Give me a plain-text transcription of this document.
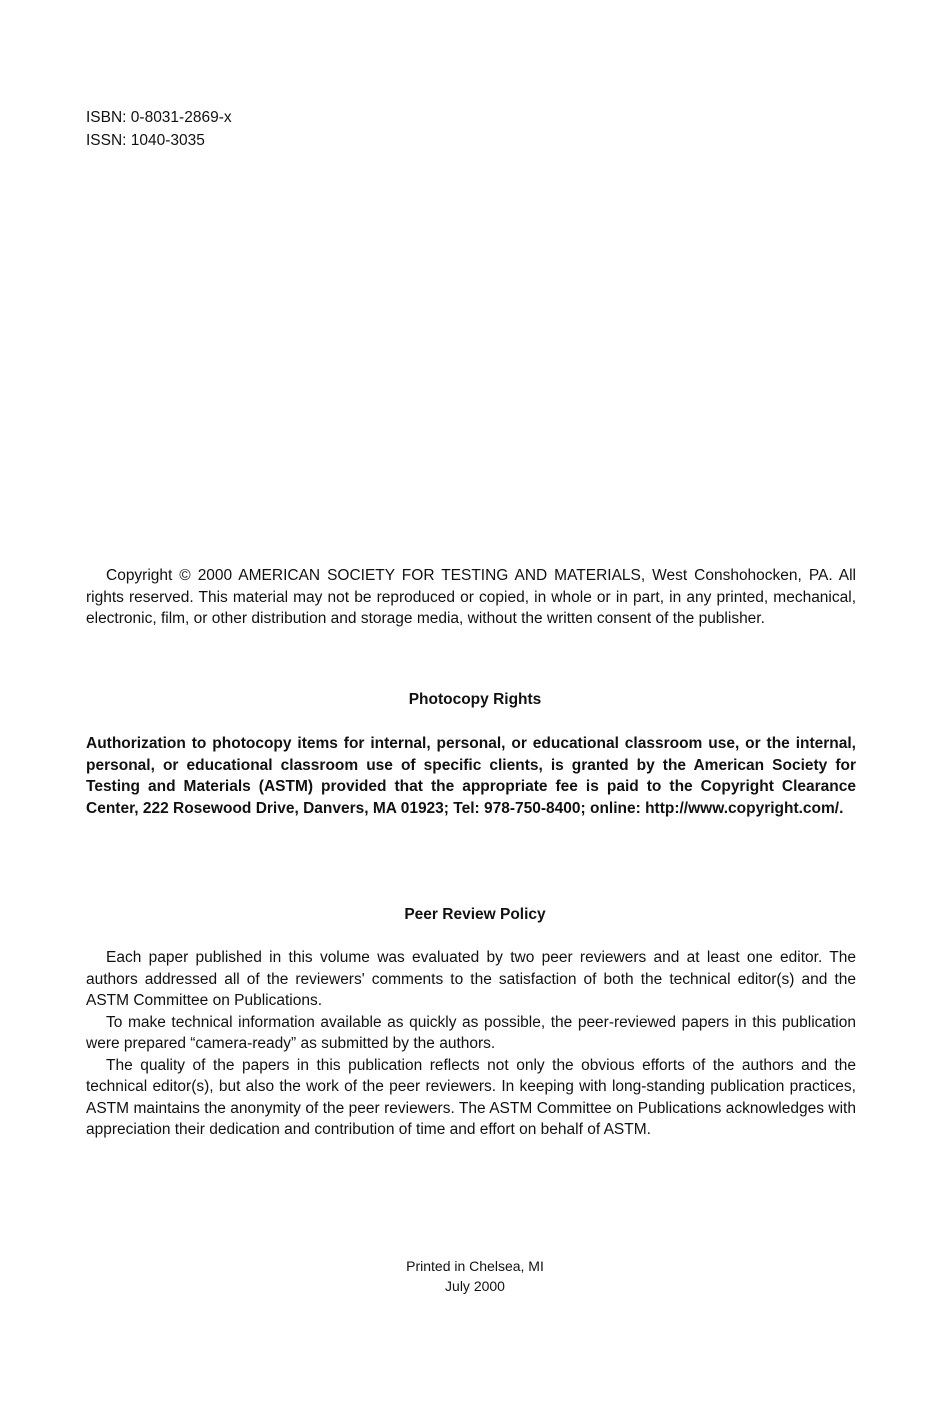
ISBN: 0-8031-2869-x
ISSN: 1040-3035
Copyright © 2000 AMERICAN SOCIETY FOR TESTING AND MATERIALS, West Conshohocken, PA. All rights reserved. This material may not be reproduced or copied, in whole or in part, in any printed, mechanical, electronic, film, or other distribution and storage media, without the written consent of the publisher.
Photocopy Rights
Authorization to photocopy items for internal, personal, or educational classroom use, or the internal, personal, or educational classroom use of specific clients, is granted by the American Society for Testing and Materials (ASTM) provided that the appropriate fee is paid to the Copyright Clearance Center, 222 Rosewood Drive, Danvers, MA 01923; Tel: 978-750-8400; online: http://www.copyright.com/.
Peer Review Policy

Each paper published in this volume was evaluated by two peer reviewers and at least one editor. The authors addressed all of the reviewers' comments to the satisfaction of both the technical editor(s) and the ASTM Committee on Publications.

To make technical information available as quickly as possible, the peer-reviewed papers in this publication were prepared “camera-ready” as submitted by the authors.

The quality of the papers in this publication reflects not only the obvious efforts of the authors and the technical editor(s), but also the work of the peer reviewers. In keeping with long-standing publication practices, ASTM maintains the anonymity of the peer reviewers. The ASTM Committee on Publications acknowledges with appreciation their dedication and contribution of time and effort on behalf of ASTM.

Printed in Chelsea, MI
July 2000
